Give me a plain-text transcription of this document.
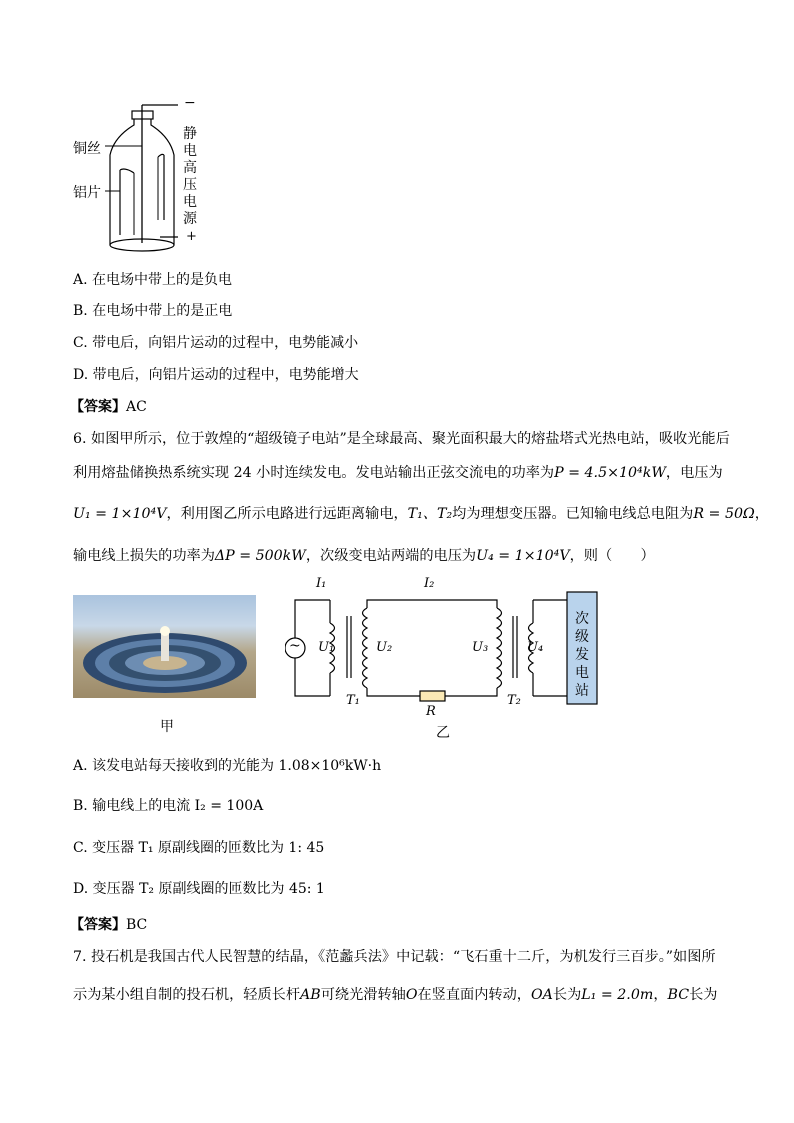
铜丝
铝片
静电高压电源
−
+
A. 在电场中带上的是负电
B. 在电场中带上的是正电
C. 带电后，向铝片运动的过程中，电势能减小
D. 带电后，向铝片运动的过程中，电势能增大
【答案】AC
6. 如图甲所示，位于敦煌的“超级镜子电站”是全球最高、聚光面积最大的熔盐塔式光热电站，吸收光能后
利用熔盐储换热系统实现 24 小时连续发电。发电站输出正弦交流电的功率为P = 4.5×10⁴kW，电压为
U₁ = 1×10⁴V，利用图乙所示电路进行远距离输电，T₁、T₂均为理想变压器。已知输电线总电阻为R = 50Ω，
输电线上损失的功率为ΔP = 500kW，次级变电站两端的电压为U₄ = 1×10⁴V，则（　　）
甲
~
I₁	I₂
U₁	U₂	U₃	U₄
T₁	T₂
R
次级发电站
乙
A. 该发电站每天接收到的光能为 1.08×10⁶kW·h
B. 输电线上的电流 I₂ = 100A
C. 变压器 T₁ 原副线圈的匝数比为 1: 45
D. 变压器 T₂ 原副线圈的匝数比为 45: 1
【答案】BC
7. 投石机是我国古代人民智慧的结晶，《范蠡兵法》中记载：“飞石重十二斤，为机发行三百步。”如图所
示为某小组自制的投石机，轻质长杆AB可绕光滑转轴O在竖直面内转动，OA长为L₁ = 2.0m，BC长为
